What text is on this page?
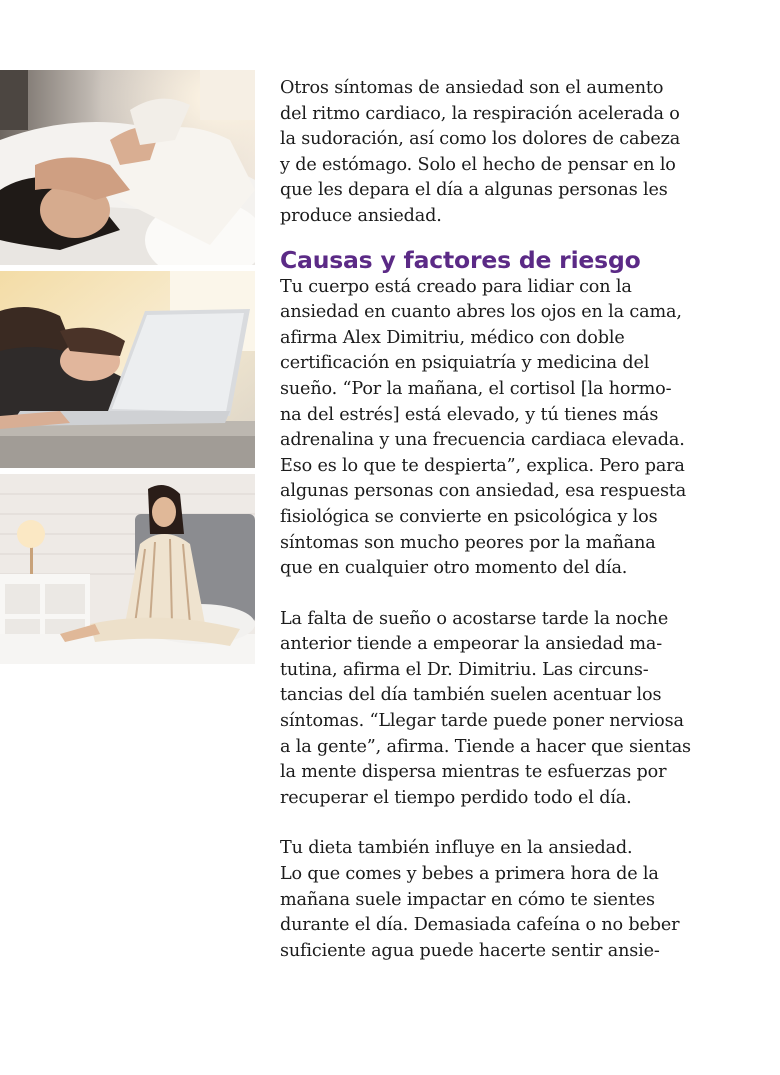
Otros síntomas de ansiedad son el aumento
del ritmo cardiaco, la respiración acelerada o
la sudoración, así como los dolores de cabeza
y de estómago. Solo el hecho de pensar en lo
que les depara el día a algunas personas les
produce ansiedad.
Causas y factores de riesgo
Tu cuerpo está creado para lidiar con la
ansiedad en cuanto abres los ojos en la cama,
afirma Alex Dimitriu, médico con doble
certificación en psiquiatría y medicina del
sueño. “Por la mañana, el cortisol [la hormo-
na del estrés] está elevado, y tú tienes más
adrenalina y una frecuencia cardiaca elevada.
Eso es lo que te despierta”, explica. Pero para
algunas personas con ansiedad, esa respuesta
fisiológica se convierte en psicológica y los
síntomas son mucho peores por la mañana
que en cualquier otro momento del día.
La falta de sueño o acostarse tarde la noche
anterior tiende a empeorar la ansiedad ma-
tutina, afirma el Dr. Dimitriu. Las circuns-
tancias del día también suelen acentuar los
síntomas. “Llegar tarde puede poner nerviosa
a la gente”, afirma. Tiende a hacer que sientas
la mente dispersa mientras te esfuerzas por
recuperar el tiempo perdido todo el día.
Tu dieta también influye en la ansiedad.
Lo que comes y bebes a primera hora de la
mañana suele impactar en cómo te sientes
durante el día. Demasiada cafeína o no beber
suficiente agua puede hacerte sentir ansie-
